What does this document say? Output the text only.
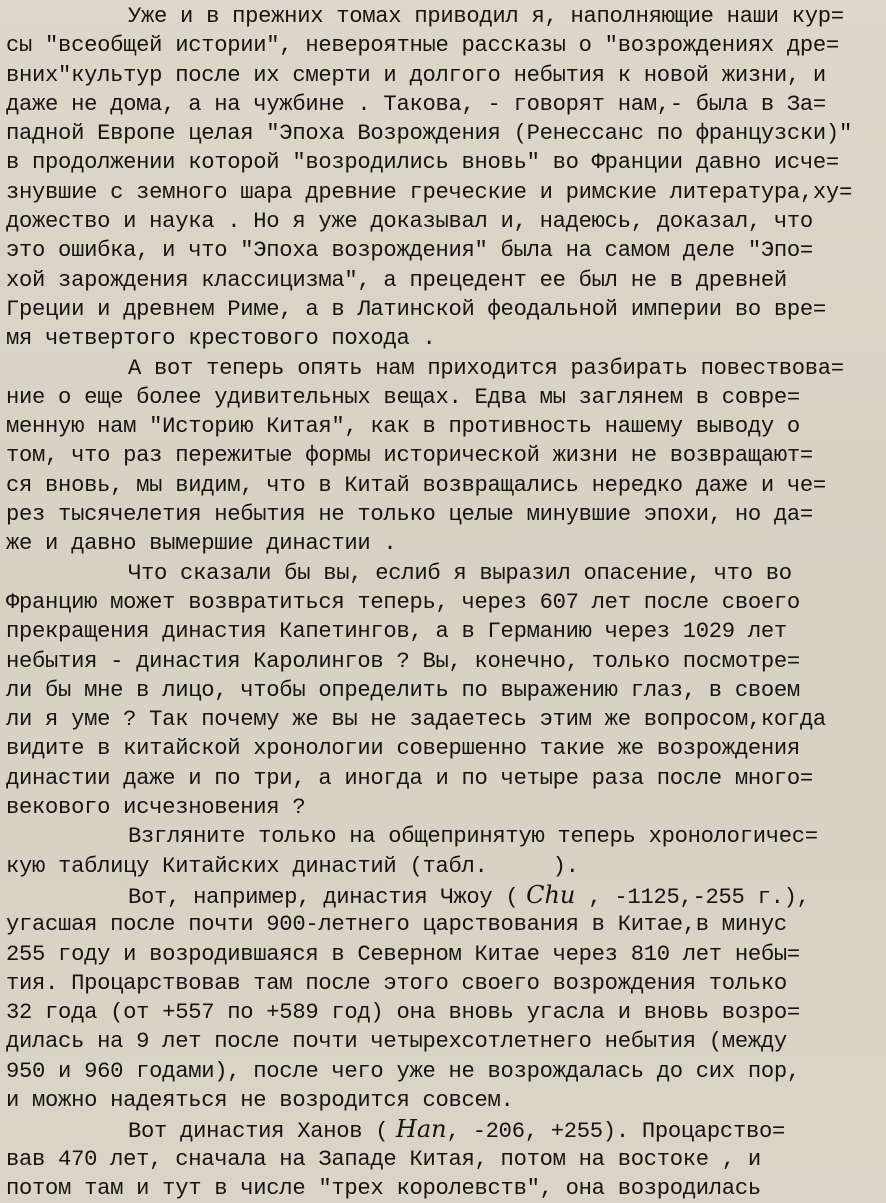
Уже и в прежних томах приводил я, наполняющие наши кур=
сы "всеобщей истории", невероятные рассказы о "возрождениях дре=
вних"культур после их смерти и долгого небытия к новой жизни, и
даже не дома, а на чужбине . Такова, - говорят нам,- была в За=
падной Европе целая "Эпоха Возрождения (Ренессанс по французски)"
в продолжении которой "возродились вновь" во Франции давно исче=
знувшие с земного шара древние греческие и римские литература,ху=
дожество и наука . Но я уже доказывал и, надеюсь, доказал, что
это ошибка, и что "Эпоха возрождения" была на самом деле "Эпо=
хой зарождения классицизма", а прецедент ее был не в древней
Греции и древнем Риме, а в Латинской феодальной империи во вре=
мя четвертого крестового похода .
А вот теперь опять нам приходится разбирать повествова=
ние о еще более удивительных вещах. Едва мы заглянем в совре=
менную нам "Историю Китая", как в противность нашему выводу о
том, что раз пережитые формы исторической жизни не возвращают=
ся вновь, мы видим, что в Китай возвращались нередко даже и че=
рез тысячелетия небытия не только целые минувшие эпохи, но да=
же и давно вымершие династии .
Что сказали бы вы, еслиб я выразил опасение, что во
Францию может возвратиться теперь, через 607 лет после своего
прекращения династия Капетингов, а в Германию через 1029 лет
небытия - династия Каролингов ? Вы, конечно, только посмотре=
ли бы мне в лицо, чтобы определить по выражению глаз, в своем
ли я уме ? Так почему же вы не задаетесь этим же вопросом,когда
видите в китайской хронологии совершенно такие же возрождения
династии даже и по три, а иногда и по четыре раза после много=
векового исчезновения ?
Взгляните только на общепринятую теперь хронологичес=
кую таблицу Китайских династий (табл.     ).
Вот, например, династия Чжоу ( Chu , -1125,-255 г.),
угасшая после почти 900-летнего царствования в Китае,в минус
255 году и возродившаяся в Северном Китае через 810 лет небы=
тия. Процарствовав там после этого своего возрождения только
32 года (от +557 по +589 год) она вновь угасла и вновь возро=
дилась на 9 лет после почти четырехсотлетнего небытия (между
950 и 960 годами), после чего уже не возрождалась до сих пор,
и можно надеяться не возродится совсем.
Вот династия Ханов ( Han, -206, +255). Процарство=
вав 470 лет, сначала на Западе Китая, потом на востоке , и
потом там и тут в числе "трех королевств", она возродилась
